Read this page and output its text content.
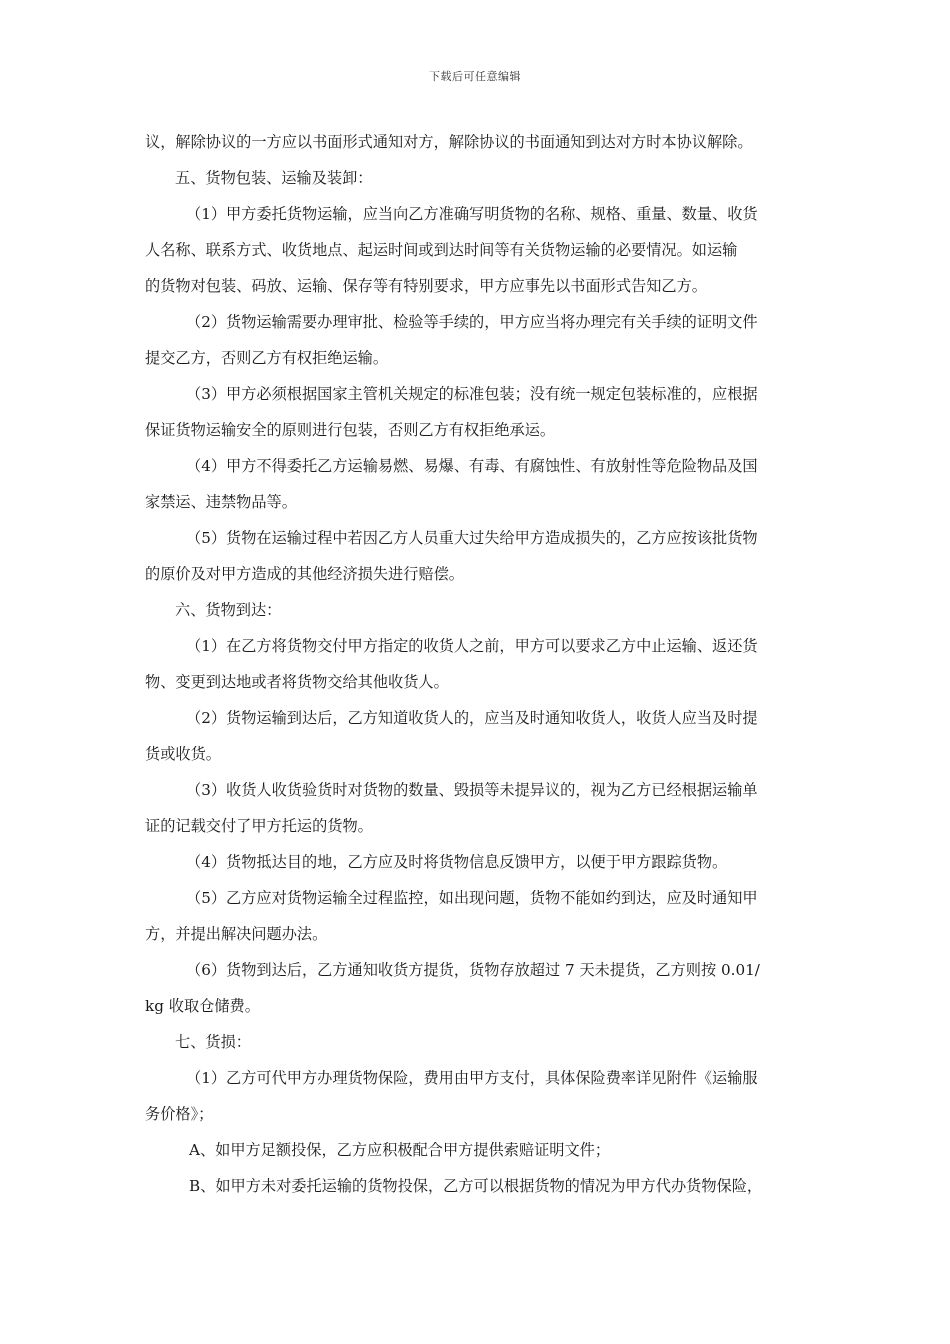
下载后可任意编辑

议，解除协议的一方应以书面形式通知对方，解除协议的书面通知到达对方时本协议解除。

五、货物包装、运输及装卸：

（1）甲方委托货物运输，应当向乙方准确写明货物的名称、规格、重量、数量、收货

人名称、联系方式、收货地点、起运时间或到达时间等有关货物运输的必要情况。如运输

的货物对包装、码放、运输、保存等有特别要求，甲方应事先以书面形式告知乙方。

（2）货物运输需要办理审批、检验等手续的，甲方应当将办理完有关手续的证明文件

提交乙方，否则乙方有权拒绝运输。

（3）甲方必须根据国家主管机关规定的标准包装；没有统一规定包装标准的，应根据

保证货物运输安全的原则进行包装，否则乙方有权拒绝承运。

（4）甲方不得委托乙方运输易燃、易爆、有毒、有腐蚀性、有放射性等危险物品及国

家禁运、违禁物品等。

（5）货物在运输过程中若因乙方人员重大过失给甲方造成损失的，乙方应按该批货物

的原价及对甲方造成的其他经济损失进行赔偿。

六、货物到达：

（1）在乙方将货物交付甲方指定的收货人之前，甲方可以要求乙方中止运输、返还货

物、变更到达地或者将货物交给其他收货人。

（2）货物运输到达后，乙方知道收货人的，应当及时通知收货人，收货人应当及时提

货或收货。

（3）收货人收货验货时对货物的数量、毁损等未提异议的，视为乙方已经根据运输单

证的记载交付了甲方托运的货物。

（4）货物抵达目的地，乙方应及时将货物信息反馈甲方，以便于甲方跟踪货物。

（5）乙方应对货物运输全过程监控，如出现问题，货物不能如约到达，应及时通知甲

方，并提出解决问题办法。

（6）货物到达后，乙方通知收货方提货，货物存放超过 7 天未提货，乙方则按 0.01/

kg 收取仓储费。

七、货损：

（1）乙方可代甲方办理货物保险，费用由甲方支付，具体保险费率详见附件《运输服

务价格》；

A、如甲方足额投保，乙方应积极配合甲方提供索赔证明文件；

B、如甲方未对委托运输的货物投保，乙方可以根据货物的情况为甲方代办货物保险，
